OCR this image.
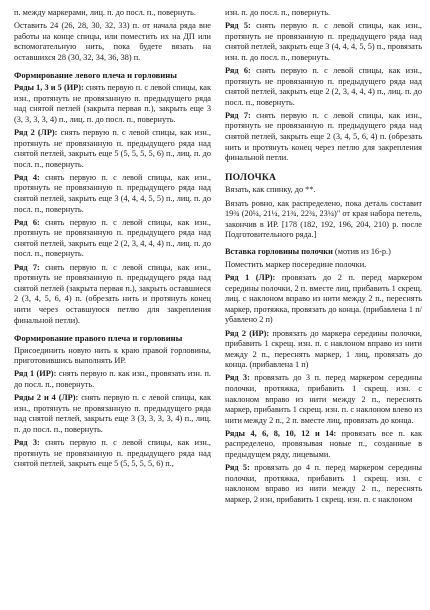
п. между маркерами, лиц. п. до посл. п., повернуть.

Оставить 24 (26, 28, 30, 32, 33) п. от начала ряда вне работы на конце спицы, или поместить их на ДП или вспомогательную нить, пока будете вязать на оставшихся 28 (30, 32, 34, 36, 38) п.

Формирование левого плеча и горловины

Ряды 1, 3 и 5 (ИР): снять первую п. с левой спицы, как изн., протянуть не провязанную п. предыдущего ряда над снятой петлей (закрыта первая п.), закрыть еще 3 (3, 3, 3, 3, 4) п., лиц. п. до посл. п., повернуть.

Ряд 2 (ЛР): снять первую п. с левой спицы, как изн., протянуть не провязанную п. предыдущего ряда над снятой петлей, закрыть еще 5 (5, 5, 5, 5, 6) п., лиц. п. до посл. п., повернуть.

Ряд 4: снять первую п. с левой спицы, как изн., протянуть не провязанную п. предыдущего ряда над снятой петлей, закрыть еще 3 (4, 4, 4, 5, 5) п., лиц. п. до посл. п., повернуть.

Ряд 6: снять первую п. с левой спицы, как изн., протянуть не провязанную п. предыдущего ряда над снятой петлей, закрыть еще 2 (2, 3, 4, 4, 4) п., лиц. п. до посл. п., повернуть.

Ряд 7: снять первую п. с левой спицы, как изн., протянуть не провязанную п. предыдущего ряда над снятой петлей (закрыта первая п.), закрыть оставшиеся 2 (3, 4, 5, 6, 4) п. (обрезать нить и протянуть конец нити через оставшуюся петлю для закрепления финальной петли).

Формирование правого плеча и горловины

Присоединить новую нить к краю правой горловины, приготовившись выполнять ИР.

Ряд 1 (ИР): снять первую п. как изн., провязать изн. п. до посл. п., повернуть.

Ряды 2 и 4 (ЛР): снять первую п. с левой спицы, как изн., протянуть не провязанную п. предыдущего ряда над снятой петлей, закрыть еще 3 (3, 3, 3, 3, 4) п., лиц. п. до посл. п., повернуть.

Ряд 3: снять первую п. с левой спицы, как изн., протянуть не провязанную п. предыдущего ряда над снятой петлей, закрыть еще 5 (5, 5, 5, 5, 6) п.,

изн. п. до посл. п., повернуть.

Ряд 5: снять первую п. с левой спицы, как изн., протянуть не провязанную п. предыдущего ряда над снятой петлей, закрыть еще 3 (4, 4, 4, 5, 5) п., провязать изн. п. до посл. п., повернуть.

Ряд 6: снять первую п. с левой спицы, как изн., протянуть не провязанную п. предыдущего ряда над снятой петлей, закрыть еще 2 (2, 3, 4, 4, 4) п., лиц. п. до посл. п., повернуть.

Ряд 7: снять первую п. с левой спицы, как изн., протянуть не провязанную п. предыдущего ряда над снятой петлей, закрыть еще 2 (3, 4, 5, 6, 4) п. (обрезать нить и протянуть конец через петлю для закрепления финальной петли.

ПОЛОЧКА

Вязать, как спинку, до **.

Вязать ровно, как распределено, пока деталь составит 19¾ (20¼, 21¼, 21¾, 22¾, 23¼)" от края набора петель, закончив в ИР. [178 (182, 192, 196, 204, 210) р. после Подготовительного ряда.]

Вставка горловины полочки (мотив из 16-р.)

Поместить маркер посередине полочки.

Ряд 1 (ЛР): провязать до 2 п. перед маркером середины полочки, 2 п. вместе лиц, прибавить 1 скрещ. лиц. с наклоном вправо из нити между 2 п., переснять маркер, протяжка, провязать до конца. (прибавлена 1 п/ убавлено 2 п)

Ряд 2 (ИР): провязать до маркера середины полочки, прибавить 1 скрещ. изн. п. с наклоном вправо из нити между 2 п., переснять маркер, 1 лиц, провязать до конца. (прибавлена 1 п)

Ряд 3: провязать до 3 п. перед маркером середины полочки, протяжка, прибавить 1 скрещ. изн. с наклоном вправо из нити между 2 п., переснять маркер, прибавить 1 скрещ. изн. п. с наклоном влево из нити между 2 п., 2 п. вместе лиц, провязать до конца.

Ряды 4, 6, 8, 10, 12 и 14: провязать все п. как распределено, провязывая новые п., созданные в предыдущем ряду, лицевыми.

Ряд 5: провязать до 4 п. перед маркером середины полочки, протяжка, прибавить 1 скрещ. изн. с наклоном вправо из нити между 2 п., переснять маркер, 2 изн, прибавить 1 скрещ. изн. п. с наклоном
